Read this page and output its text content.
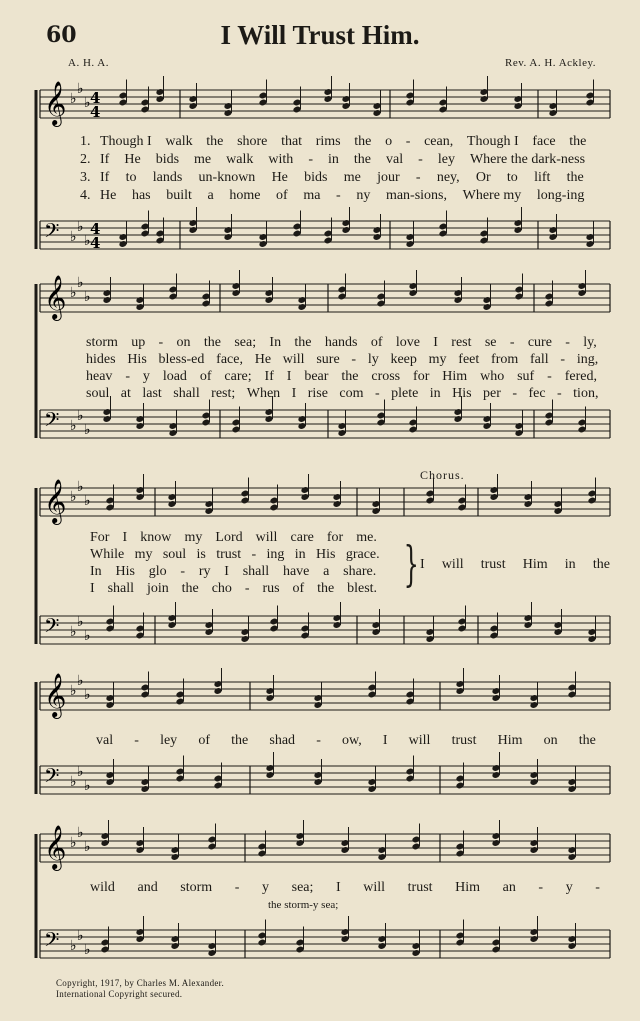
60	I Will Trust Him.
A. H. A.	Rev. A. H. Ackley.
𝄞 ♭
♭
♭
𝄢 ♭
♭
♭
4
4
4
4
𝄞 ♭
♭
♭
𝄢 ♭
♭
♭
𝄞 ♭
♭
♭
𝄢 ♭
♭
♭
𝄞 ♭
♭
♭
𝄢 ♭
♭
♭
𝄞 ♭
♭
♭
𝄢 ♭
♭
♭
1. Though I walk the shore that rims the o - cean, Though I face the
2. If	He	bids	me	walk	with	-	in	the	val	-	ley	Where the dark-ness
3. If	to	lands	un-known	He	bids	me	jour	-	ney,	Or	to	lift	the
4. He	has	built	a	home	of	ma	-	ny	man-sions,	Where my	long-ing
storm up - on the sea; In the hands of love I rest se - cure - ly,
hides His bless-ed face, He will sure - ly keep my feet from fall - ing,
heav - y load of care; If I bear the cross for Him who suf - fered,
soul at last shall rest; When I rise com - plete in His per - fec - tion,
For I know my Lord will care for me.
While my soul is trust - ing in His grace.
In His glo - ry I shall have a share.
I shall join the cho - rus of the blest.
Chorus.
} I will trust Him in the
val - ley of the shad - ow, I will trust Him on the
wild and storm - y sea; I will trust Him an - y -
the storm-y sea;
Copyright, 1917, by Charles M. Alexander.
International Copyright secured.
